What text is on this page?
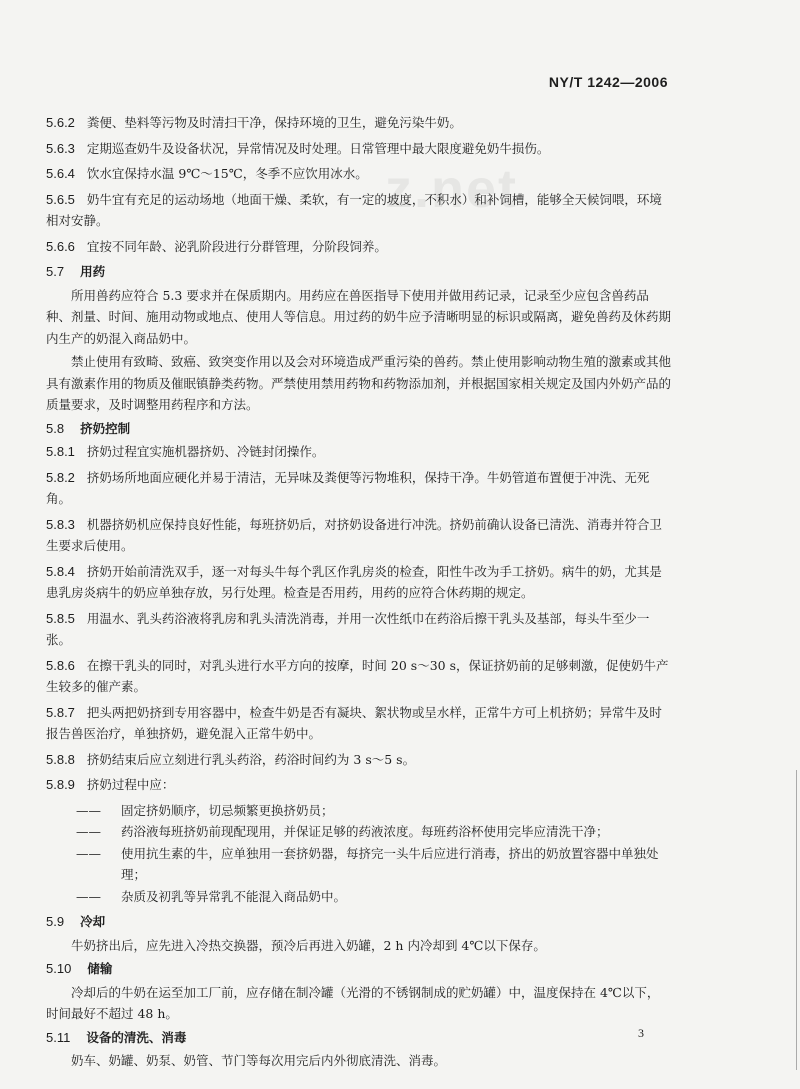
z.net
NY/T 1242—2006
5.6.2 粪便、垫料等污物及时清扫干净，保持环境的卫生，避免污染牛奶。
5.6.3 定期巡查奶牛及设备状况，异常情况及时处理。日常管理中最大限度避免奶牛损伤。
5.6.4 饮水宜保持水温 9℃～15℃，冬季不应饮用冰水。
5.6.5 奶牛宜有充足的运动场地（地面干燥、柔软，有一定的坡度，不积水）和补饲槽，能够全天候饲喂，环境相对安静。
5.6.6 宜按不同年龄、泌乳阶段进行分群管理，分阶段饲养。
5.7 用药
所用兽药应符合 5.3 要求并在保质期内。用药应在兽医指导下使用并做用药记录，记录至少应包含兽药品种、剂量、时间、施用动物或地点、使用人等信息。用过药的奶牛应予清晰明显的标识或隔离，避免兽药及休药期内生产的奶混入商品奶中。
禁止使用有致畸、致癌、致突变作用以及会对环境造成严重污染的兽药。禁止使用影响动物生殖的激素或其他具有激素作用的物质及催眠镇静类药物。严禁使用禁用药物和药物添加剂，并根据国家相关规定及国内外奶产品的质量要求，及时调整用药程序和方法。
5.8 挤奶控制
5.8.1 挤奶过程宜实施机器挤奶、冷链封闭操作。
5.8.2 挤奶场所地面应硬化并易于清洁，无异味及粪便等污物堆积，保持干净。牛奶管道布置便于冲洗、无死角。
5.8.3 机器挤奶机应保持良好性能，每班挤奶后，对挤奶设备进行冲洗。挤奶前确认设备已清洗、消毒并符合卫生要求后使用。
5.8.4 挤奶开始前清洗双手，逐一对每头牛每个乳区作乳房炎的检查，阳性牛改为手工挤奶。病牛的奶，尤其是患乳房炎病牛的奶应单独存放，另行处理。检查是否用药，用药的应符合休药期的规定。
5.8.5 用温水、乳头药浴液将乳房和乳头清洗消毒，并用一次性纸巾在药浴后擦干乳头及基部，每头牛至少一张。
5.8.6 在擦干乳头的同时，对乳头进行水平方向的按摩，时间 20 s～30 s，保证挤奶前的足够刺激，促使奶牛产生较多的催产素。
5.8.7 把头两把奶挤到专用容器中，检查牛奶是否有凝块、絮状物或呈水样，正常牛方可上机挤奶；异常牛及时报告兽医治疗，单独挤奶，避免混入正常牛奶中。
5.8.8 挤奶结束后应立刻进行乳头药浴，药浴时间约为 3 s～5 s。
5.8.9 挤奶过程中应：
—— 固定挤奶顺序，切忌频繁更换挤奶员；
—— 药浴液每班挤奶前现配现用，并保证足够的药液浓度。每班药浴杯使用完毕应清洗干净；
—— 使用抗生素的牛，应单独用一套挤奶器，每挤完一头牛后应进行消毒，挤出的奶放置容器中单独处理；
—— 杂质及初乳等异常乳不能混入商品奶中。
5.9 冷却
牛奶挤出后，应先进入冷热交换器，预冷后再进入奶罐，2 h 内冷却到 4℃以下保存。
5.10 储输
冷却后的牛奶在运至加工厂前，应存储在制冷罐（光滑的不锈钢制成的贮奶罐）中，温度保持在 4℃以下，时间最好不超过 48 h。
5.11 设备的清洗、消毒
奶车、奶罐、奶泵、奶管、节门等每次用完后内外彻底清洗、消毒。
3
